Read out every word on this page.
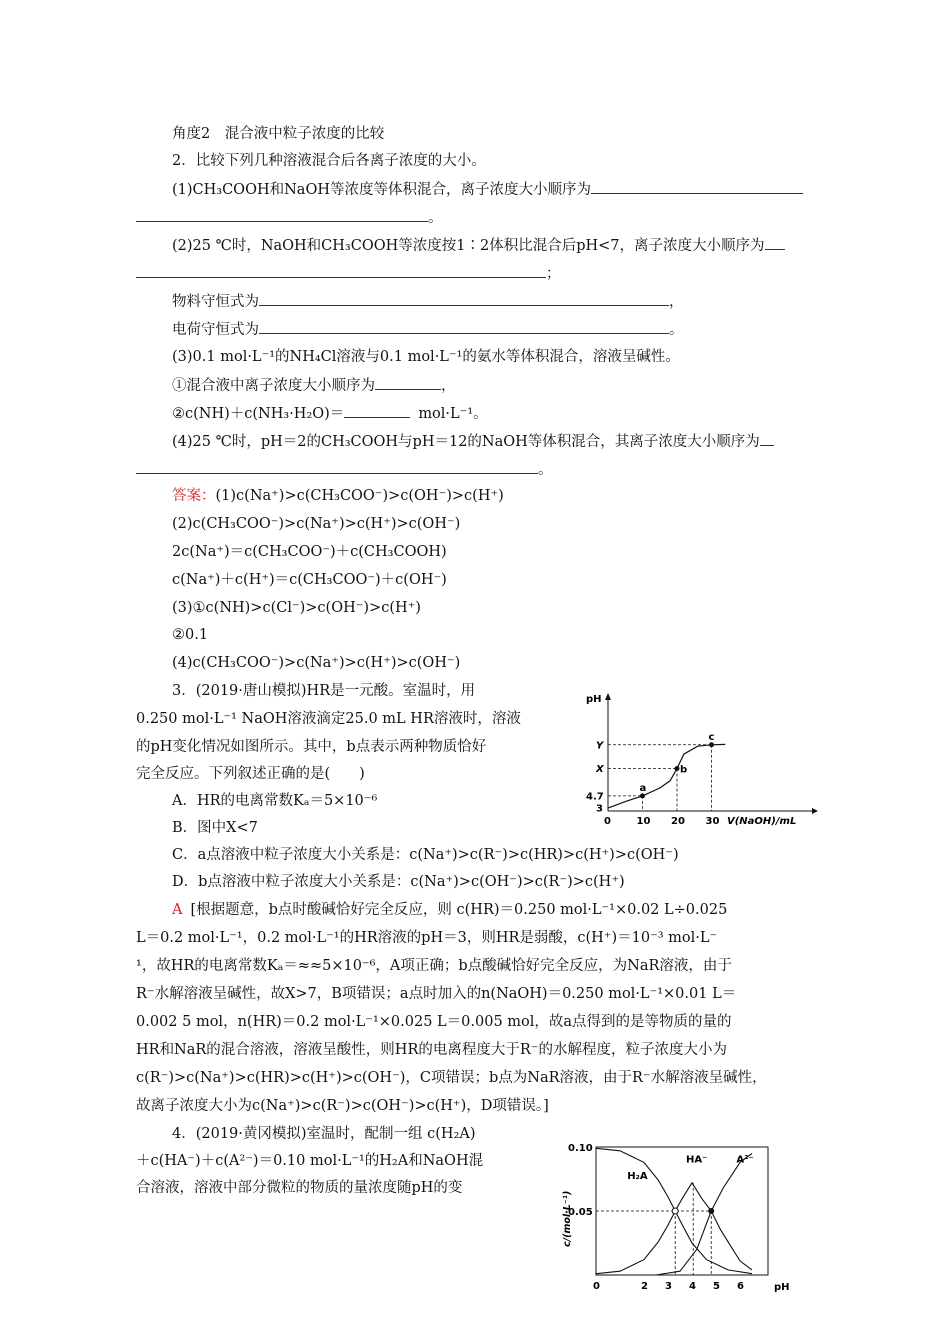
角度2　混合液中粒子浓度的比较
2．比较下列几种溶液混合后各离子浓度的大小。
(1)CH₃COOH和NaOH等浓度等体积混合，离子浓度大小顺序为
。
(2)25 ℃时，NaOH和CH₃COOH等浓度按1∶2体积比混合后pH<7，离子浓度大小顺序为
；
物料守恒式为	，
电荷守恒式为	。
(3)0.1 mol·L⁻¹的NH₄Cl溶液与0.1 mol·L⁻¹的氨水等体积混合，溶液呈碱性。
①混合液中离子浓度大小顺序为	，
②c(NH)＋c(NH₃·H₂O)＝	mol·L⁻¹。
(4)25 ℃时，pH＝2的CH₃COOH与pH＝12的NaOH等体积混合，其离子浓度大小顺序为
。
答案：(1)c(Na⁺)>c(CH₃COO⁻)>c(OH⁻)>c(H⁺)
(2)c(CH₃COO⁻)>c(Na⁺)>c(H⁺)>c(OH⁻)
2c(Na⁺)＝c(CH₃COO⁻)＋c(CH₃COOH)
c(Na⁺)＋c(H⁺)＝c(CH₃COO⁻)＋c(OH⁻)
(3)①c(NH)>c(Cl⁻)>c(OH⁻)>c(H⁺)
②0.1
(4)c(CH₃COO⁻)>c(Na⁺)>c(H⁺)>c(OH⁻)
3．(2019·唐山模拟)HR是一元酸。室温时，用
0.250 mol·L⁻¹ NaOH溶液滴定25.0 mL HR溶液时，溶液
的pH变化情况如图所示。其中，b点表示两种物质恰好
完全反应。下列叙述正确的是(　　)
A．HR的电离常数Kₐ＝5×10⁻⁶
B．图中X<7
C．a点溶液中粒子浓度大小关系是：c(Na⁺)>c(R⁻)>c(HR)>c(H⁺)>c(OH⁻)
D．b点溶液中粒子浓度大小关系是：c(Na⁺)>c(OH⁻)>c(R⁻)>c(H⁺)
A [根据题意，b点时酸碱恰好完全反应，则 c(HR)＝0.250 mol·L⁻¹×0.02 L÷0.025
L＝0.2 mol·L⁻¹，0.2 mol·L⁻¹的HR溶液的pH＝3，则HR是弱酸，c(H⁺)＝10⁻³ mol·L⁻
¹，故HR的电离常数Kₐ＝≈≈5×10⁻⁶，A项正确；b点酸碱恰好完全反应，为NaR溶液，由于
R⁻水解溶液呈碱性，故X>7，B项错误；a点时加入的n(NaOH)＝0.250 mol·L⁻¹×0.01 L＝
0.002 5 mol，n(HR)＝0.2 mol·L⁻¹×0.025 L＝0.005 mol，故a点得到的是等物质的量的
HR和NaR的混合溶液，溶液呈酸性，则HR的电离程度大于R⁻的水解程度，粒子浓度大小为
c(R⁻)>c(Na⁺)>c(HR)>c(H⁺)>c(OH⁻)，C项错误；b点为NaR溶液，由于R⁻水解溶液呈碱性，
故离子浓度大小为c(Na⁺)>c(R⁻)>c(OH⁻)>c(H⁺)，D项错误。]
4．(2019·黄冈模拟)室温时，配制一组 c(H₂A)
＋c(HA⁻)＋c(A²⁻)＝0.10 mol·L⁻¹的H₂A和NaOH混
合溶液，溶液中部分微粒的物质的量浓度随pH的变
pH
V(NaOH)/mL
0	10 20 30
3
4.7
X
Y
a
b
c
c/(mol·L⁻¹)
pH
0	2 3 4 5 6
0.05
0.10
H₂A
HA⁻	A²⁻
